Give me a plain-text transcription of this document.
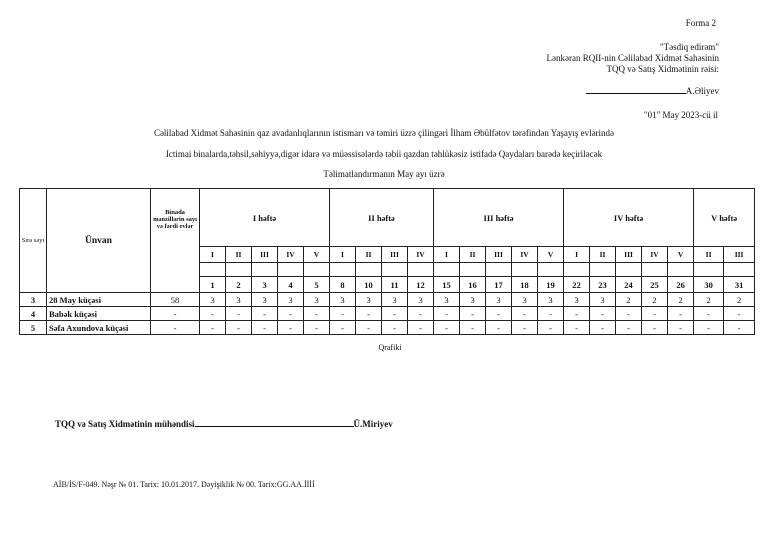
Forma 2
"Təsdiq edirəm"
Lənkəran RQII-nin Cəlilabad Xidmət Sahəsinin
TQQ və Satış Xidmətinin rəisi:
A.Əliyev
"01" May 2023-cü il
Cəlilabad Xidmət Sahəsinin qaz avadanlıqlarının istismarı və təmiri üzrə çilingəri İlham Əbülfətov tərəfindən Yaşayış evlərində
Ictimai binalarda,təhsil,səhiyyə,digər idarə və müəssisələrdə təbii qazdan təhlükəsiz istifadə Qaydaları barədə keçiriləcək
Təlimatlandırmanın May ayı üzrə
Sıra sayı	Ünvan	Binada mənzillərin sayı və fərdi evlər	I həftə					II həftə				III həftə					IV həftə					V həftə	
			I	II	III	IV	V	I	II	III	IV	I	II	III	IV	V	I	II	III	IV	V	II	III

			1	2	3	4	5	8	10	11	12	15	16	17	18	19	22	23	24	25	26	30	31
3	28 May küçəsi	58	3	3	3	3	3	3	3	3	3	3	3	3	3	3	3	3	2	2	2	2	2
4	Babək küçəsi	-	-	-	-	-	-	-	-	-	-	-	-	-	-	-	-	-	-	-	-	-	-
5	Səfa Axundova küçəsi	-	-	-	-	-	-	-	-	-	-	-	-	-	-	-	-	-	-	-	-	-	-
Qrafiki
TQQ və Satış Xidmətinin mühəndisi	Ü.Miriyev
AİB/İS/F-049. Nəşr № 01. Tarix: 10.01.2017. Dəyişiklik № 00. Tarix:GG.AA.İİİİ
